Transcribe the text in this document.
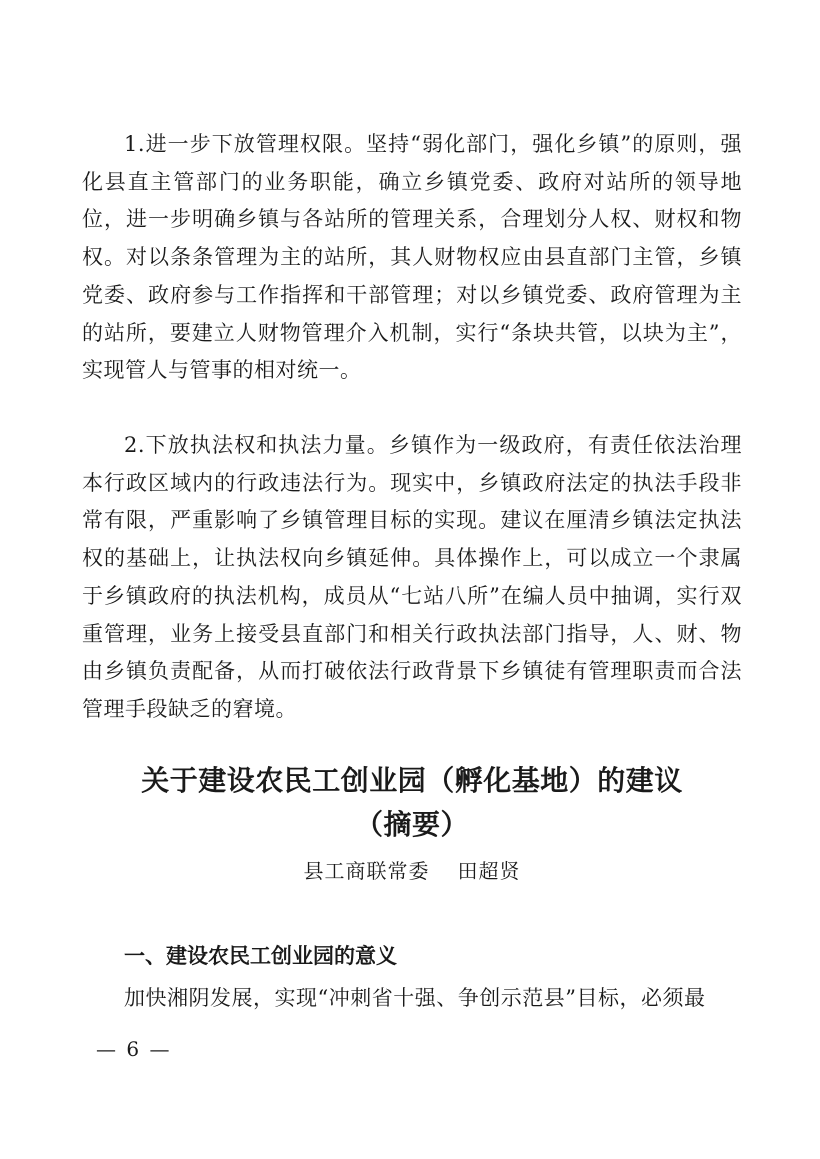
1.进一步下放管理权限。坚持“弱化部门，强化乡镇”的原则，强化县直主管部门的业务职能，确立乡镇党委、政府对站所的领导地位，进一步明确乡镇与各站所的管理关系，合理划分人权、财权和物权。对以条条管理为主的站所，其人财物权应由县直部门主管，乡镇党委、政府参与工作指挥和干部管理；对以乡镇党委、政府管理为主的站所，要建立人财物管理介入机制，实行“条块共管，以块为主”，实现管人与管事的相对统一。

2.下放执法权和执法力量。乡镇作为一级政府，有责任依法治理本行政区域内的行政违法行为。现实中，乡镇政府法定的执法手段非常有限，严重影响了乡镇管理目标的实现。建议在厘清乡镇法定执法权的基础上，让执法权向乡镇延伸。具体操作上，可以成立一个隶属于乡镇政府的执法机构，成员从“七站八所”在编人员中抽调，实行双重管理，业务上接受县直部门和相关行政执法部门指导，人、财、物由乡镇负责配备，从而打破依法行政背景下乡镇徒有管理职责而合法管理手段缺乏的窘境。

关于建设农民工创业园（孵化基地）的建议
（摘要）
县工商联常委 田超贤
一、建设农民工创业园的意义

加快湘阴发展，实现“冲刺省十强、争创示范县”目标，必须最

— 6 —
